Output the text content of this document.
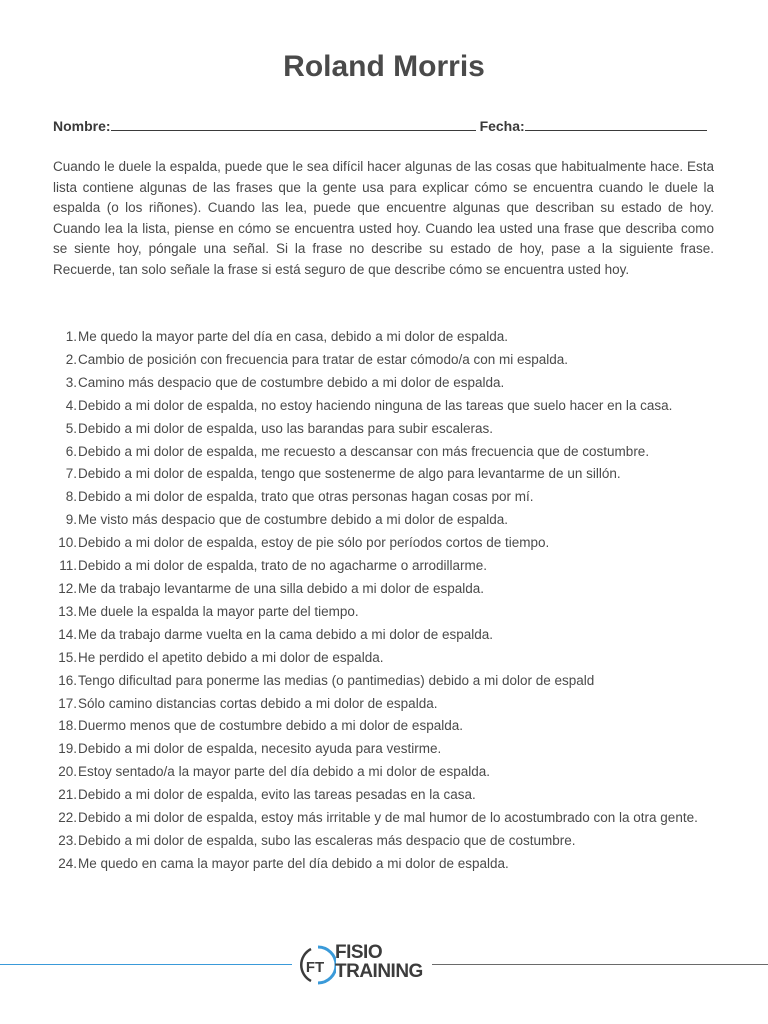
Roland Morris
Nombre:	Fecha:

Cuando le duele la espalda, puede que le sea difícil hacer algunas de las cosas que habitualmente hace. Esta lista contiene algunas de las frases que la gente usa para explicar cómo se encuentra cuando le duele la espalda (o los riñones). Cuando las lea, puede que encuentre algunas que describan su estado de hoy. Cuando lea la lista, piense en cómo se encuentra usted hoy. Cuando lea usted una frase que describa como se siente hoy, póngale una señal. Si la frase no describe su estado de hoy, pase a la siguiente frase. Recuerde, tan solo señale la frase si está seguro de que describe cómo se encuentra usted hoy.

1. Me quedo la mayor parte del día en casa, debido a mi dolor de espalda.
2. Cambio de posición con frecuencia para tratar de estar cómodo/a con mi espalda.
3. Camino más despacio que de costumbre debido a mi dolor de espalda.
4. Debido a mi dolor de espalda, no estoy haciendo ninguna de las tareas que suelo hacer en la casa.
5. Debido a mi dolor de espalda, uso las barandas para subir escaleras.
6. Debido a mi dolor de espalda, me recuesto a descansar con más frecuencia que de costumbre.
7. Debido a mi dolor de espalda, tengo que sostenerme de algo para levantarme de un sillón.
8. Debido a mi dolor de espalda, trato que otras personas hagan cosas por mí.
9. Me visto más despacio que de costumbre debido a mi dolor de espalda.
10. Debido a mi dolor de espalda, estoy de pie sólo por períodos cortos de tiempo.
11. Debido a mi dolor de espalda, trato de no agacharme o arrodillarme.
12. Me da trabajo levantarme de una silla debido a mi dolor de espalda.
13. Me duele la espalda la mayor parte del tiempo.
14. Me da trabajo darme vuelta en la cama debido a mi dolor de espalda.
15. He perdido el apetito debido a mi dolor de espalda.
16. Tengo dificultad para ponerme las medias (o pantimedias) debido a mi dolor de espald
17. Sólo camino distancias cortas debido a mi dolor de espalda.
18. Duermo menos que de costumbre debido a mi dolor de espalda.
19. Debido a mi dolor de espalda, necesito ayuda para vestirme.
20. Estoy sentado/a la mayor parte del día debido a mi dolor de espalda.
21. Debido a mi dolor de espalda, evito las tareas pesadas en la casa.
22. Debido a mi dolor de espalda, estoy más irritable y de mal humor de lo acostumbrado con la otra gente.
23. Debido a mi dolor de espalda, subo las escaleras más despacio que de costumbre.
24. Me quedo en cama la mayor parte del día debido a mi dolor de espalda.
FT
FISIO
TRAINING
